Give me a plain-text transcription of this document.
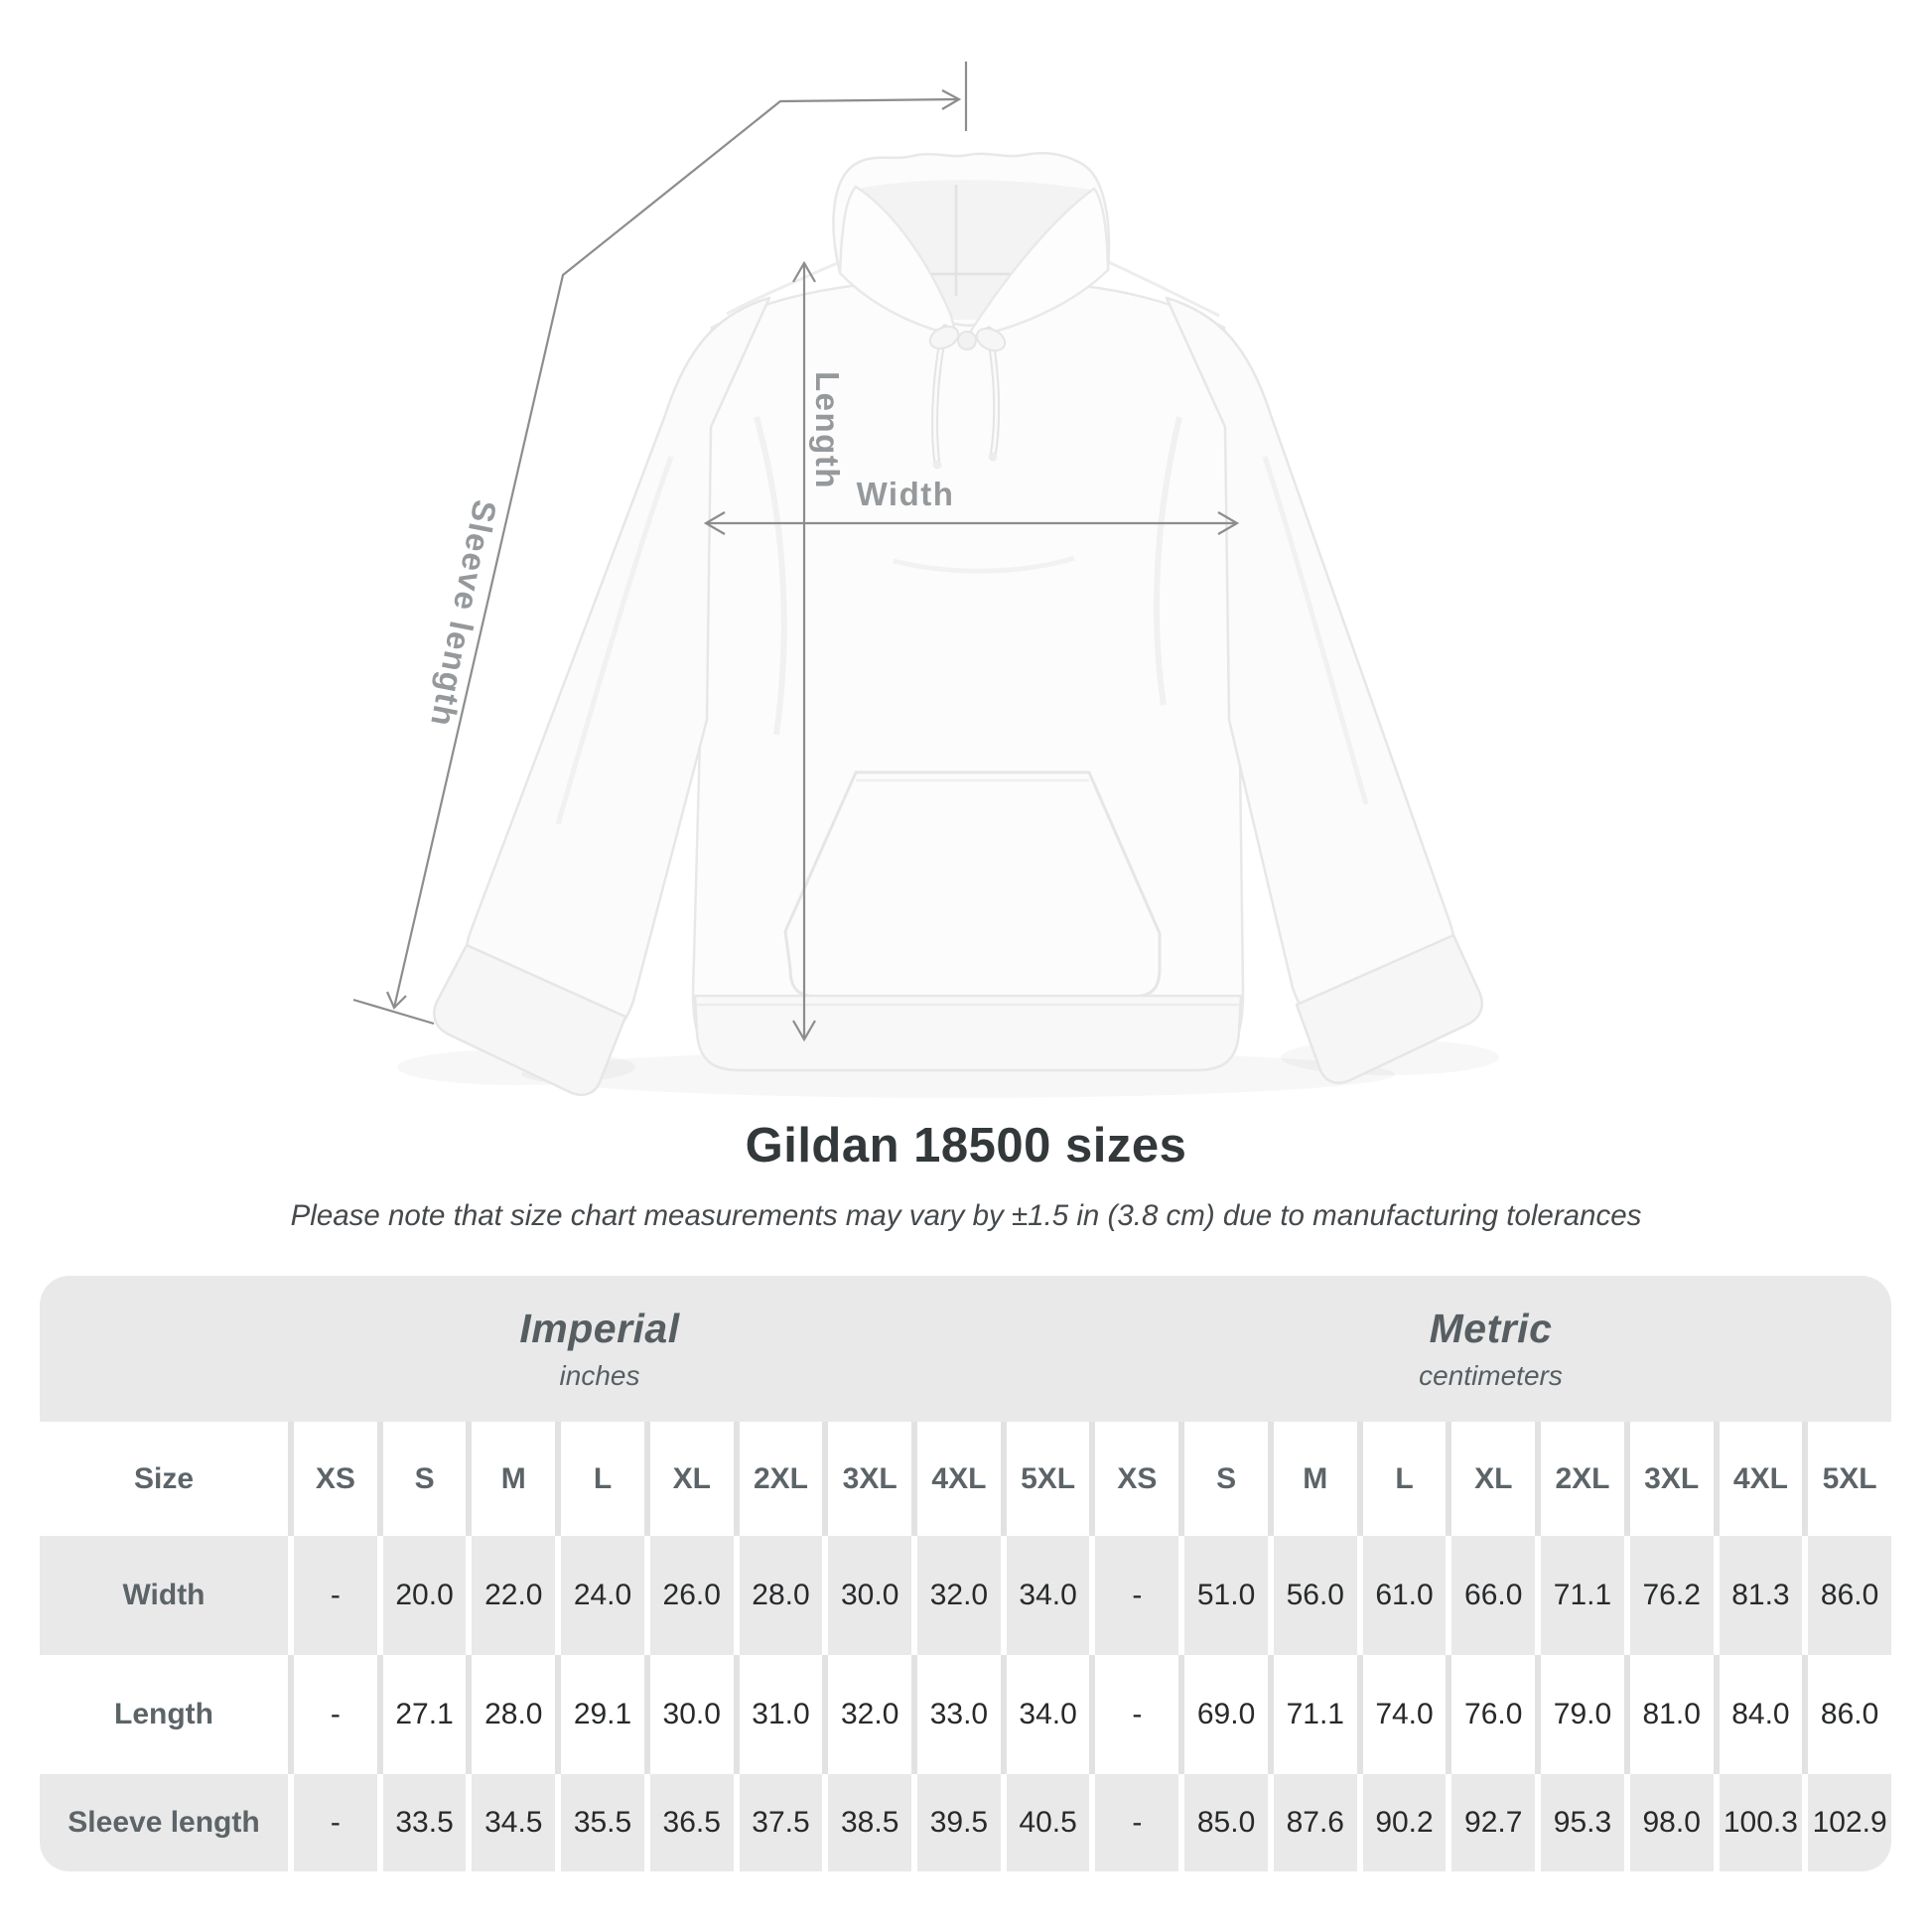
Sleeve length
Length
Width
Gildan 18500 sizes

Please note that size chart measurements may vary by ±1.5 in (3.8 cm) due to manufacturing tolerances

Imperial
inches
Metric
centimeters
Size	XS	S	M	L	XL	2XL	3XL	4XL	5XL	XS	S	M	L	XL	2XL	3XL	4XL	5XL
Width	-	20.0	22.0	24.0	26.0	28.0	30.0	32.0	34.0	-	51.0	56.0	61.0	66.0	71.1	76.2	81.3	86.0
Length	-	27.1	28.0	29.1	30.0	31.0	32.0	33.0	34.0	-	69.0	71.1	74.0	76.0	79.0	81.0	84.0	86.0
Sleeve length	-	33.5	34.5	35.5	36.5	37.5	38.5	39.5	40.5	-	85.0	87.6	90.2	92.7	95.3	98.0 100.3 102.9
